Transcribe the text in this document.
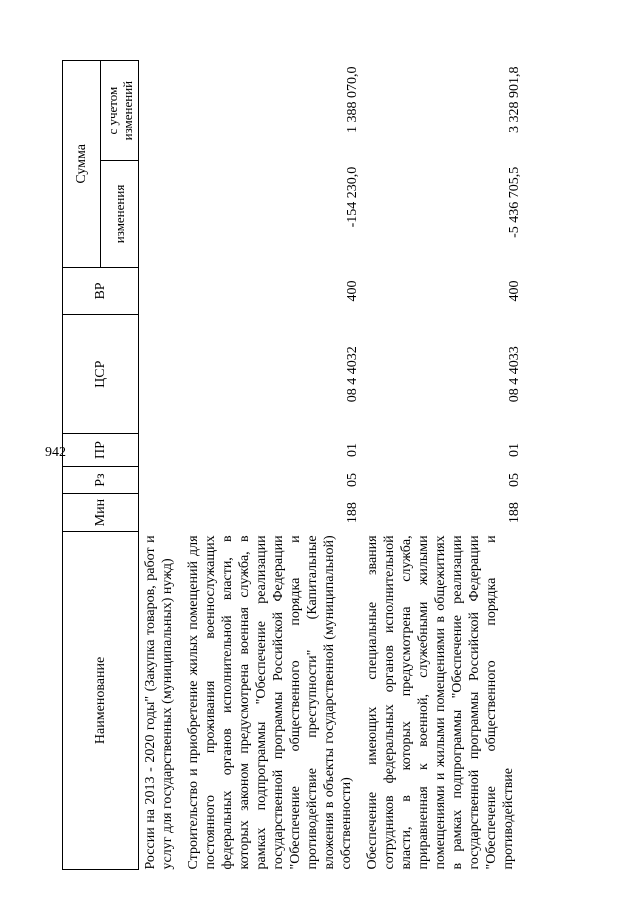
942
Наименование	Мин	Рз	ПР	ЦСР	ВР	Сумма	
						изменения	с учетом изменений
России на 2013 - 2020 годы" (Закупка товаров, работ и услуг для государственных (муниципальных) нужд)							
Строительство и приобретение жилых помещений для постоянного проживания военнослужащих федеральных органов исполнительной власти, в которых законом предусмотрена военная служба, в рамках подпрограммы "Обеспечение реализации государственной программы Российской Федерации "Обеспечение общественного порядка и противодействие преступности" (Капитальные вложения в объекты государственной (муниципальной) собственности)	188	05	01	08 4 4032	400	-154 230,0	1 388 070,0
Обеспечение имеющих специальные звания сотрудников федеральных органов исполнительной власти, в которых предусмотрена служба, приравненная к военной, служебными жилыми помещениями и жилыми помещениями в общежитиях в рамках подпрограммы "Обеспечение реализации государственной программы Российской Федерации "Обеспечение общественного порядка и противодействие	188	05	01	08 4 4033	400	-5 436 705,5	3 328 901,8
